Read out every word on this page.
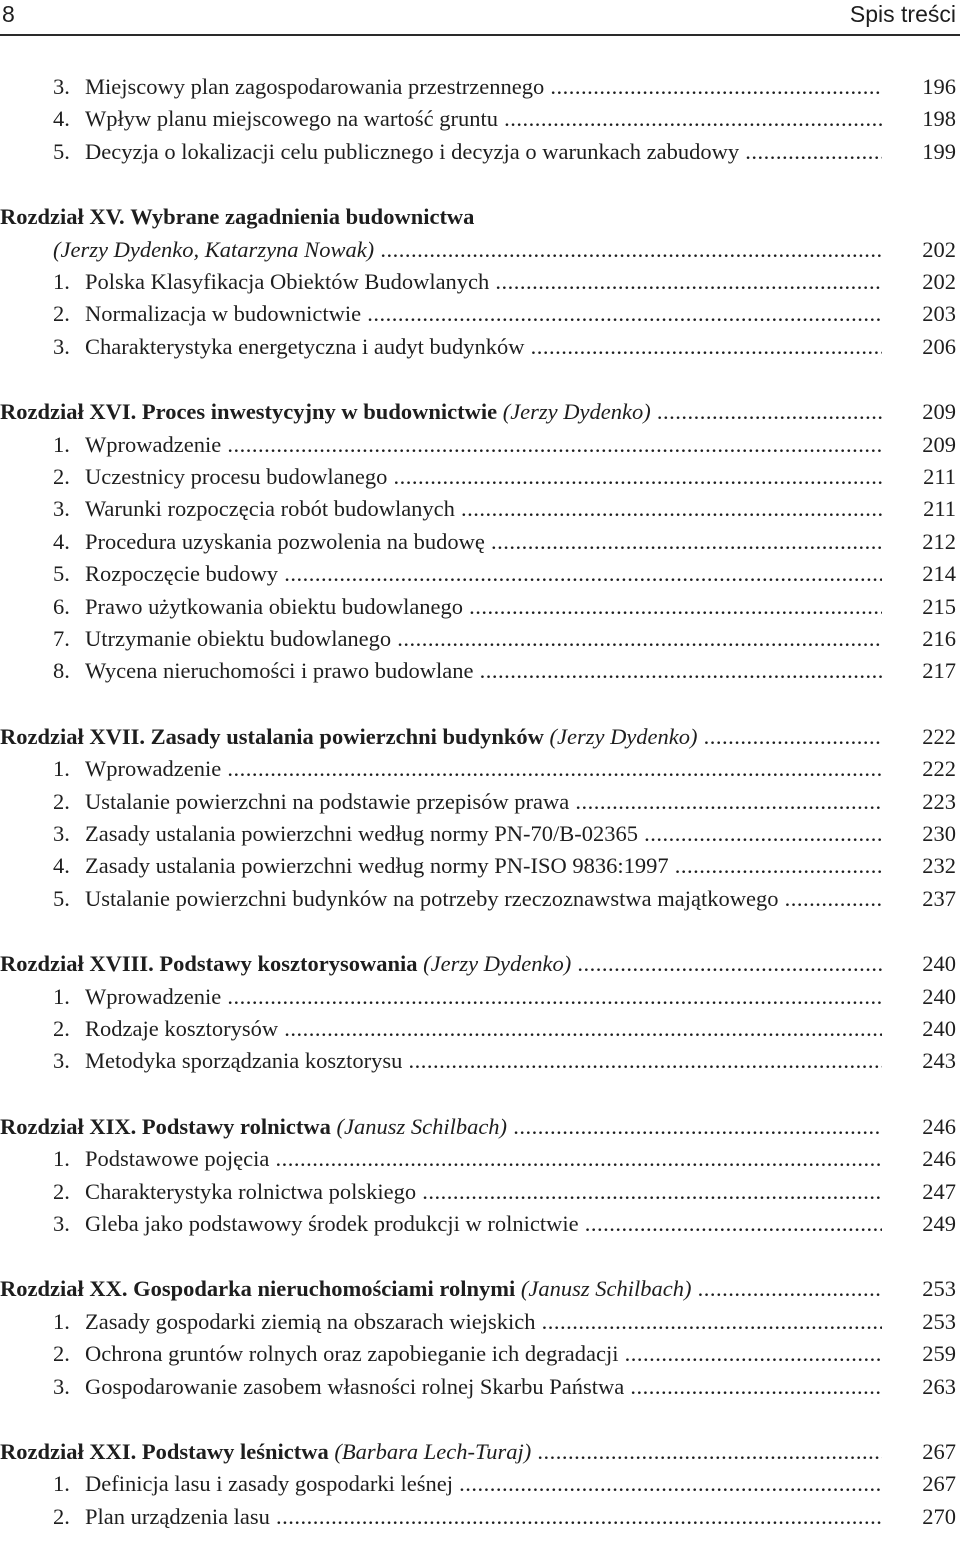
8	Spis treści
3. Miejscowy plan zagospodarowania przestrzennego .....	196
4. Wpływ planu miejscowego na wartość gruntu .....	198
5. Decyzja o lokalizacji celu publicznego i decyzja o warunkach zabudowy .....	199
Rozdział XV. Wybrane zagadnienia budownictwa
(Jerzy Dydenko, Katarzyna Nowak) .....	202
1. Polska Klasyfikacja Obiektów Budowlanych .....	202
2. Normalizacja w budownictwie .....	203
3. Charakterystyka energetyczna i audyt budynków .....	206
Rozdział XVI. Proces inwestycyjny w budownictwie (Jerzy Dydenko) .....	209
1. Wprowadzenie .....	209
2. Uczestnicy procesu budowlanego .....	211
3. Warunki rozpoczęcia robót budowlanych .....	211
4. Procedura uzyskania pozwolenia na budowę .....	212
5. Rozpoczęcie budowy .....	214
6. Prawo użytkowania obiektu budowlanego .....	215
7. Utrzymanie obiektu budowlanego .....	216
8. Wycena nieruchomości i prawo budowlane .....	217
Rozdział XVII. Zasady ustalania powierzchni budynków (Jerzy Dydenko) .....	222
1. Wprowadzenie .....	222
2. Ustalanie powierzchni na podstawie przepisów prawa .....	223
3. Zasady ustalania powierzchni według normy PN-70/B-02365 .....	230
4. Zasady ustalania powierzchni według normy PN-ISO 9836:1997 .....	232
5. Ustalanie powierzchni budynków na potrzeby rzeczoznawstwa majątkowego .....	237
Rozdział XVIII. Podstawy kosztorysowania (Jerzy Dydenko) .....	240
1. Wprowadzenie .....	240
2. Rodzaje kosztorysów .....	240
3. Metodyka sporządzania kosztorysu .....	243
Rozdział XIX. Podstawy rolnictwa (Janusz Schilbach) .....	246
1. Podstawowe pojęcia .....	246
2. Charakterystyka rolnictwa polskiego .....	247
3. Gleba jako podstawowy środek produkcji w rolnictwie .....	249
Rozdział XX. Gospodarka nieruchomościami rolnymi (Janusz Schilbach) .....	253
1. Zasady gospodarki ziemią na obszarach wiejskich .....	253
2. Ochrona gruntów rolnych oraz zapobieganie ich degradacji .....	259
3. Gospodarowanie zasobem własności rolnej Skarbu Państwa .....	263
Rozdział XXI. Podstawy leśnictwa (Barbara Lech-Turaj) .....	267
1. Definicja lasu i zasady gospodarki leśnej .....	267
2. Plan urządzenia lasu .....	270
